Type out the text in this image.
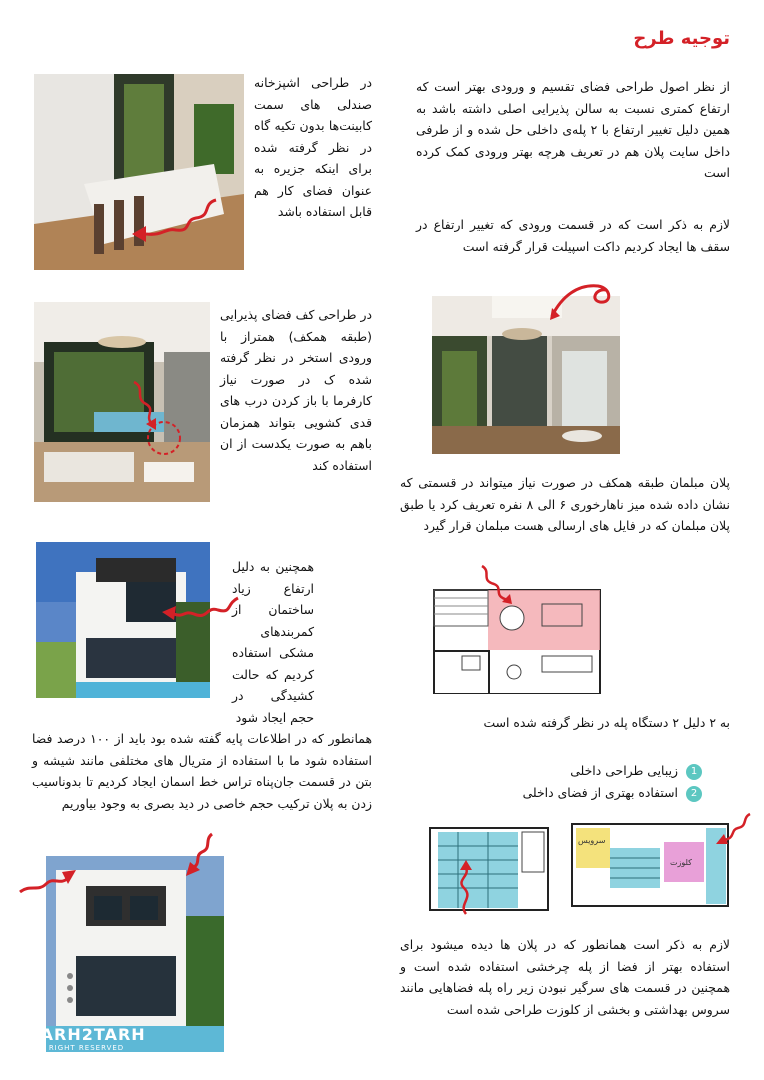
توجیه طرح
از نظر اصول طراحی فضای تقسیم و ورودی بهتر است که ارتفاع کمتری نسبت به سالن پذیرایی اصلی داشته باشد به همین دلیل تغییر ارتفاع با ۲ پله‌ی داخلی حل شده و از طرفی داخل سایت پلان هم در تعریف هرچه بهتر ورودی کمک کرده است
لازم به ذکر است که در قسمت ورودی که تغییر ارتفاع در سقف ها ایجاد کردیم داکت اسپیلت قرار گرفته است
پلان مبلمان طبقه همکف در صورت نیاز میتواند در قسمتی که نشان داده شده میز ناهارخوری ۶ الی ۸ نفره تعریف کرد یا طبق پلان مبلمان که در فایل های ارسالی هست مبلمان قرار گیرد
به ۲ دلیل ۲ دستگاه پله در نظر گرفته شده است
1زیبایی طراحی داخلی
2استفاده بهتری از فضای داخلی
سرویس
کلوزت
لازم به ذکر است همانطور که در پلان ها دیده میشود برای استفاده بهتر از فضا از پله چرخشی استفاده شده است و همچنین در قسمت های سرگیر نبودن زیر راه پله فضاهایی مانند سروس بهداشتی و بخشی از کلوزت طراحی شده است
در طراحی اشپزخانه صندلی های سمت کابینت‌ها بدون تکیه گاه در نظر گرفته شده برای اینکه جزیره به عنوان فضای کار هم قابل استفاده باشد
در طراحی کف فضای پذیرایی (طبقه همکف) همتراز با ورودی استخر در نظر گرفته شده ک در صورت نیاز کارفرما با باز کردن درب های قدی کشویی بتواند همزمان باهم به صورت یکدست از ان استفاده کند
همچنین به دلیل ارتفاع زیاد ساختمان از کمربندهای مشکی استفاده کردیم که حالت کشیدگی در حجم ایجاد شود
همانطور که در اطلاعات پایه گفته شده بود باید از ۱۰۰ درصد فضا استفاده شود ما با استفاده از متریال های مختلفی مانند شیشه و بتن در قسمت جان‌پناه تراس خط اسمان ایجاد کردیم تا بدونا‌سیب زدن به پلان ترکیب حجم خاصی در دید بصری به وجود بیاوریم
TARH2TARH
ALL RIGHT RESERVED
